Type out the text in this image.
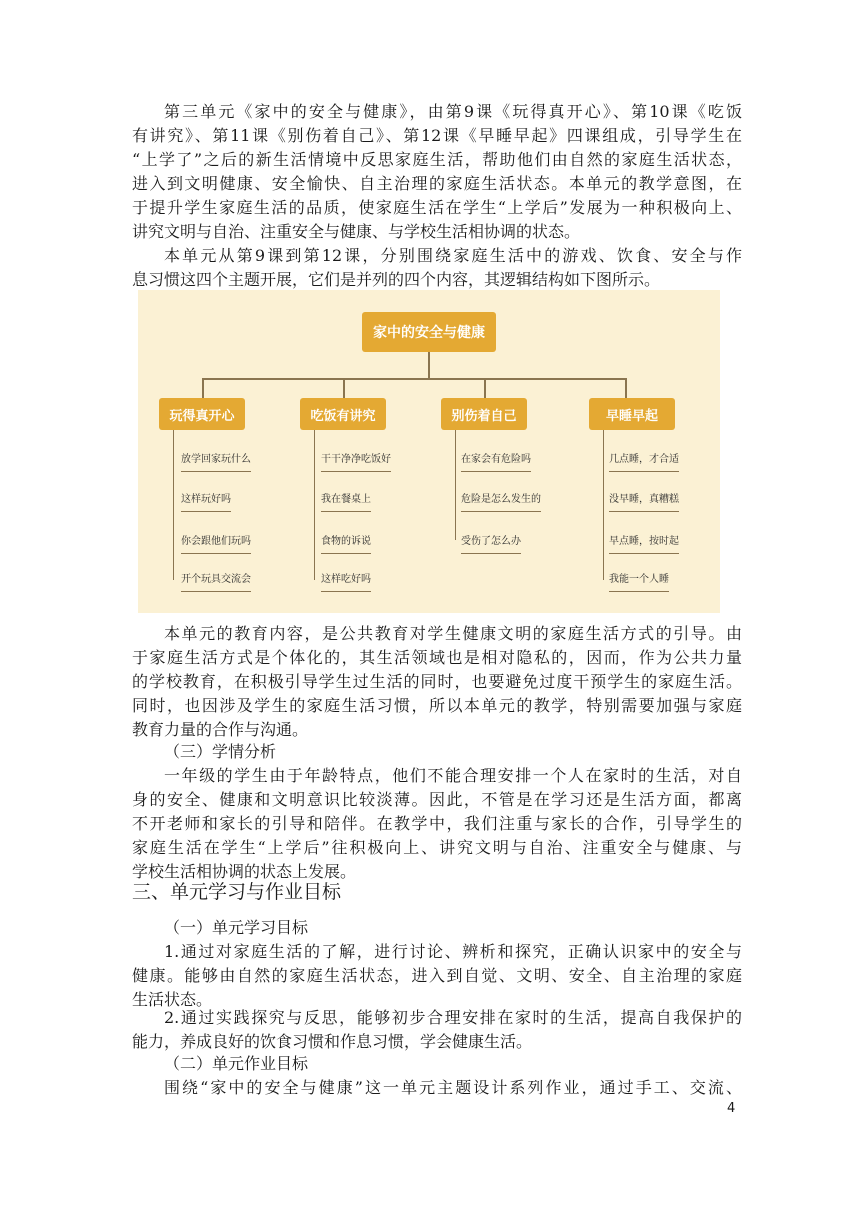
第三单元《家中的安全与健康》，由第9课《玩得真开心》、第10课《吃饭
有讲究》、第11课《别伤着自己》、第12课《早睡早起》四课组成，引导学生在
“上学了”之后的新生活情境中反思家庭生活，帮助他们由自然的家庭生活状态，
进入到文明健康、安全愉快、自主治理的家庭生活状态。本单元的教学意图，在
于提升学生家庭生活的品质，使家庭生活在学生“上学后”发展为一种积极向上、
讲究文明与自治、注重安全与健康、与学校生活相协调的状态。
本单元从第9课到第12课，分别围绕家庭生活中的游戏、饮食、安全与作
息习惯这四个主题开展，它们是并列的四个内容，其逻辑结构如下图所示。
家中的安全与健康
玩得真开心
放学回家玩什么
这样玩好吗
你会跟他们玩吗
开个玩具交流会
吃饭有讲究
干干净净吃饭好
我在餐桌上
食物的诉说
这样吃好吗
别伤着自己
在家会有危险吗
危险是怎么发生的
受伤了怎么办
早睡早起
几点睡，才合适
没早睡，真糟糕
早点睡，按时起
我能一个人睡
本单元的教育内容，是公共教育对学生健康文明的家庭生活方式的引导。由
于家庭生活方式是个体化的，其生活领域也是相对隐私的，因而，作为公共力量
的学校教育，在积极引导学生过生活的同时，也要避免过度干预学生的家庭生活。
同时，也因涉及学生的家庭生活习惯，所以本单元的教学，特别需要加强与家庭
教育力量的合作与沟通。
（三）学情分析
一年级的学生由于年龄特点，他们不能合理安排一个人在家时的生活，对自
身的安全、健康和文明意识比较淡薄。因此，不管是在学习还是生活方面，都离
不开老师和家长的引导和陪伴。在教学中，我们注重与家长的合作，引导学生的
家庭生活在学生“上学后”往积极向上、讲究文明与自治、注重安全与健康、与
学校生活相协调的状态上发展。
三、单元学习与作业目标
（一）单元学习目标
1.通过对家庭生活的了解，进行讨论、辨析和探究，正确认识家中的安全与
健康。能够由自然的家庭生活状态，进入到自觉、文明、安全、自主治理的家庭
生活状态。
2.通过实践探究与反思，能够初步合理安排在家时的生活，提高自我保护的
能力，养成良好的饮食习惯和作息习惯，学会健康生活。
（二）单元作业目标
围绕“家中的安全与健康”这一单元主题设计系列作业，通过手工、交流、
4
